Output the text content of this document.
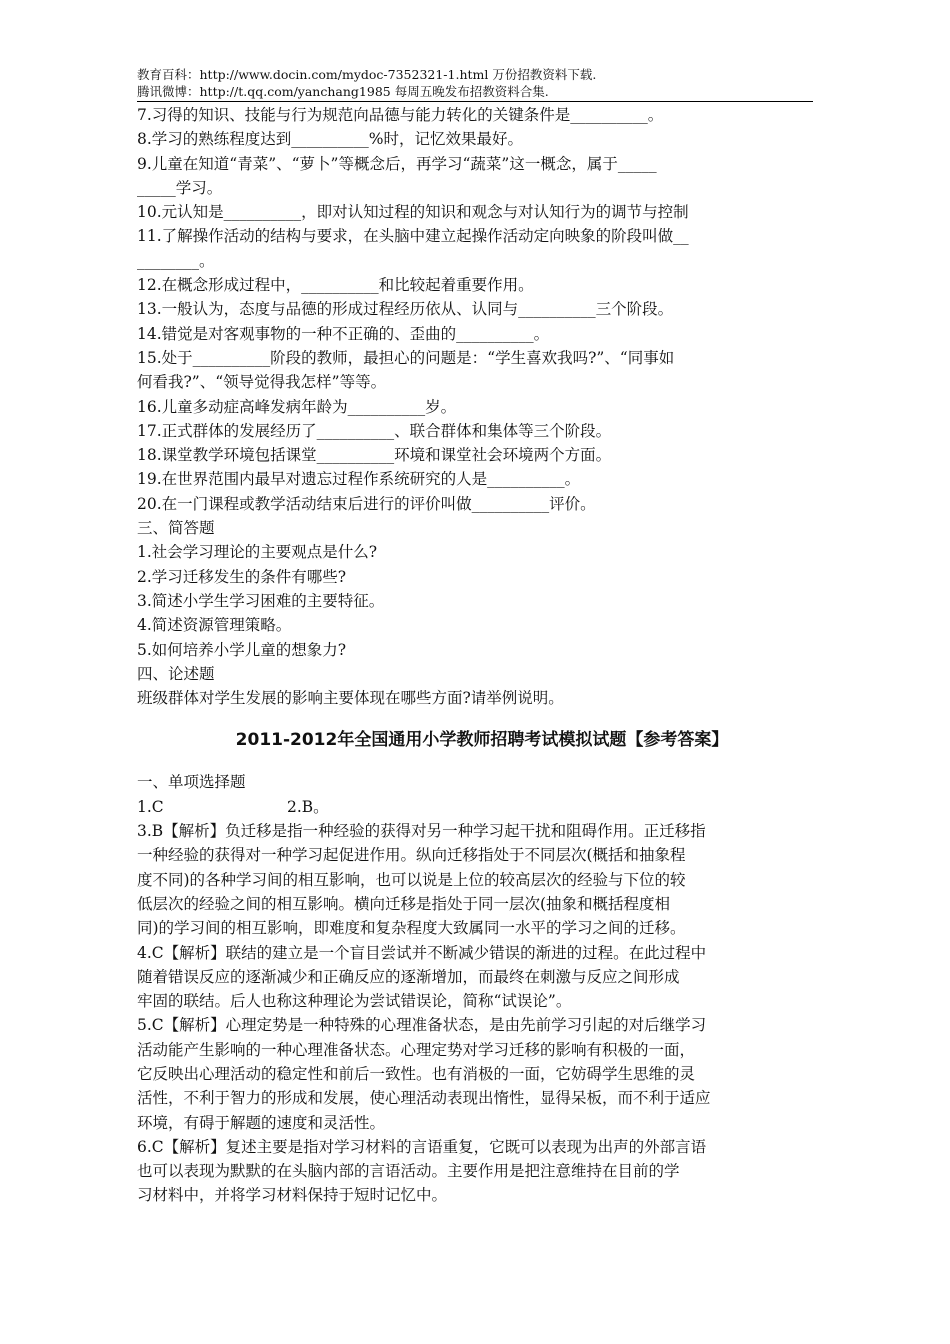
教育百科：http://www.docin.com/mydoc-7352321-1.html 万份招教资料下载.
腾讯微博：http://t.qq.com/yanchang1985 每周五晚发布招教资料合集.
7.习得的知识、技能与行为规范向品德与能力转化的关键条件是__________。
8.学习的熟练程度达到__________%时，记忆效果最好。
9.儿童在知道“青菜”、“萝卜”等概念后，再学习“蔬菜”这一概念，属于_____
_____学习。
10.元认知是__________，即对认知过程的知识和观念与对认知行为的调节与控制
11.了解操作活动的结构与要求，在头脑中建立起操作活动定向映象的阶段叫做__
________。
12.在概念形成过程中，__________和比较起着重要作用。
13.一般认为，态度与品德的形成过程经历依从、认同与__________三个阶段。
14.错觉是对客观事物的一种不正确的、歪曲的__________。
15.处于__________阶段的教师，最担心的问题是：“学生喜欢我吗?”、“同事如
何看我?”、“领导觉得我怎样”等等。
16.儿童多动症高峰发病年龄为__________岁。
17.正式群体的发展经历了__________、联合群体和集体等三个阶段。
18.课堂教学环境包括课堂__________环境和课堂社会环境两个方面。
19.在世界范围内最早对遗忘过程作系统研究的人是__________。
20.在一门课程或教学活动结束后进行的评价叫做__________评价。
三、简答题
1.社会学习理论的主要观点是什么?
2.学习迁移发生的条件有哪些?
3.简述小学生学习困难的主要特征。
4.简述资源管理策略。
5.如何培养小学儿童的想象力?
四、论述题
班级群体对学生发展的影响主要体现在哪些方面?请举例说明。
2011-2012年全国通用小学教师招聘考试模拟试题【参考答案】
一、单项选择题
1.C	2.B。
3.B【解析】负迁移是指一种经验的获得对另一种学习起干扰和阻碍作用。正迁移指
一种经验的获得对一种学习起促进作用。纵向迁移指处于不同层次(概括和抽象程
度不同)的各种学习间的相互影响，也可以说是上位的较高层次的经验与下位的较
低层次的经验之间的相互影响。横向迁移是指处于同一层次(抽象和概括程度相
同)的学习间的相互影响，即难度和复杂程度大致属同一水平的学习之间的迁移。
4.C【解析】联结的建立是一个盲目尝试并不断减少错误的渐进的过程。在此过程中
随着错误反应的逐渐减少和正确反应的逐渐增加，而最终在刺激与反应之间形成
牢固的联结。后人也称这种理论为尝试错误论，简称“试误论”。
5.C【解析】心理定势是一种特殊的心理准备状态，是由先前学习引起的对后继学习
活动能产生影响的一种心理准备状态。心理定势对学习迁移的影响有积极的一面，
它反映出心理活动的稳定性和前后一致性。也有消极的一面，它妨碍学生思维的灵
活性，不利于智力的形成和发展，使心理活动表现出惰性，显得呆板，而不利于适应
环境，有碍于解题的速度和灵活性。
6.C【解析】复述主要是指对学习材料的言语重复，它既可以表现为出声的外部言语
也可以表现为默默的在头脑内部的言语活动。主要作用是把注意维持在目前的学
习材料中，并将学习材料保持于短时记忆中。
